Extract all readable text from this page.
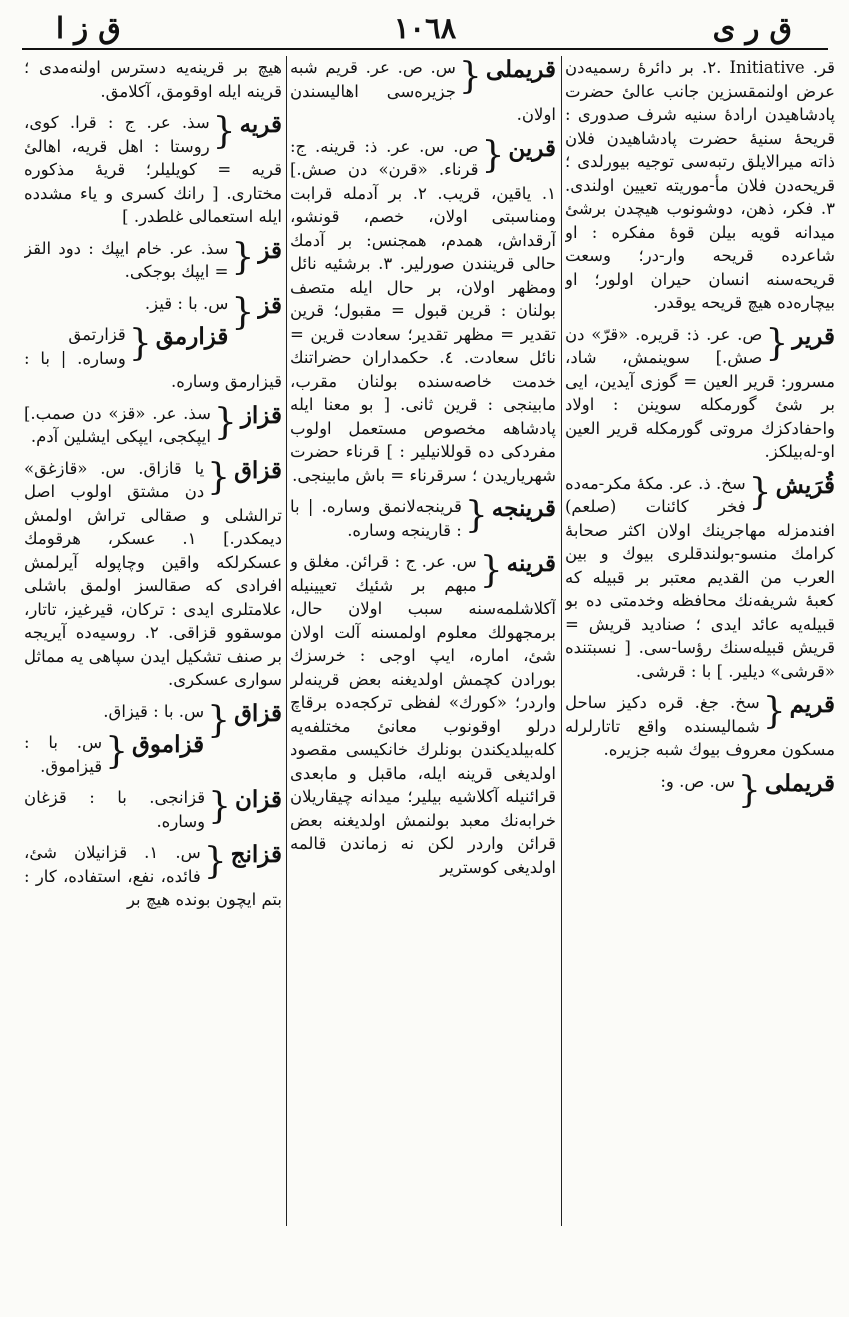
ق ر ی
١٠٦٨
ق ز ا

قر. Initiative .٢. بر دائرهٔ رسمیه‌دن عرض اولنمقسزین جانب عالیٔ حضرت پادشاهیدن ارادهٔ سنیه شرف صدوری : قریحهٔ سنیهٔ حضرت پادشاهیدن فلان ذاته میرالایلق رتبه‌سی توجیه بیورلدی ؛ قریحه‌دن فلان مأ-موریته تعیین اولندی. ٣. فکر، ذهن، دوشونوب هیچدن برشئ میدانه قویه بیلن قوهٔ مفکره : او شاعرده قریحه وار-در؛ وسعت قریحه‌سنه انسان حیران اولور؛ او بیچاره‌ده هیچ قریحه یوقدر.

قریر
{
ص. عر. ذ: قریره. «قرّ» دن صش.] سوینمش، شاد، مسرور: قریر العین = گوزی آیدین، ایی بر شئ گورمکله سوینن : اولاد واحفادکزك مروتی گورمکله قریر العین او-له‌بیلکز.

قُرَیش
{
سخ. ذ. عر. مکهٔ مکر-مه‌ده فخر کائنات (صلعم) افندمزله مهاجرینك اولان اکثر صحابهٔ کرامك منسو-بولندقلری بیوك و بین العرب من القدیم معتبر بر قبیله که کعبهٔ شریفه‌نك محافظه وخدمتی ده بو قبیله‌یه عائد ایدی ؛ صنادید قریش = قریش قبیله‌سنك رؤسا-سی. [ نسبتنده «قرشی» دیلیر. ] با : قرشی.

قریم
{
سخ. جغ. قره دکیز ساحل شمالیسنده واقع تاتارلرله مسکون معروف بیوك شبه جزیره.

قریملی
{
س. ص. و:

قریملی
{
س. ص. عر. قریم شبه جزیره‌سی اهالیسندن اولان.

قرین
{
ص. س. عر. ذ: قرینه. ج: قرناء. «قرن» دن صش.] ١. یاقین، قریب. ٢. بر آدمله قرابت ومناسبتی اولان، خصم، قونشو، آرقداش، همدم، همجنس: بر آدمك حالی قرینندن صورلیر. ٣. برشئیه نائل ومظهر اولان، بر حال ایله متصف بولنان : قرین قبول = مقبول؛ قرین تقدیر = مظهر تقدیر؛ سعادت قرین = نائل سعادت. ٤. حکمداران حضراتنك خدمت خاصه‌سنده بولنان مقرب، مابینجی : قرین ثانی. [ بو معنا ایله پادشاهه مخصوص مستعمل اولوب مفردکی ده قوللانیلیر : ] قرناء حضرت شهریاریدن ؛ سرقرناء = باش مابینجی.

قرینجه
{
قرینجه‌لانمق وساره. | با : قارینجه وساره.

قرینه
{
س. عر. ج : قرائن. مغلق و مبهم بر شئیك تعیینیله آکلاشلمه‌سنه سبب اولان حال، برمجهولك معلوم اولمسنه آلت اولان شئ، اماره، ایپ اوجی : خرسزك بورادن کچمش اولدیغنه بعض قرینه‌لر واردر؛ «کورك» لفظی ترکجه‌ده برقاچ درلو اوقونوب معانئ مختلفه‌یه کله‌بیلدیکندن بونلرك خانکیسی مقصود اولدیغی قرینه ایله، ماقبل و مابعدی قرائنیله آکلاشیه بیلیر؛ میدانه چیقاریلان خرابه‌نك معبد بولنمش اولدیغنه بعض قرائن واردر لکن نه زماندن قالمه اولدیغی کوستریر

هیچ بر قرینه‌یه دسترس اولنه‌مدی ؛ قرینه ایله اوقومق، آکلامق.

قریه
{
سذ. عر. ج : قرا. کوی، روستا : اهل قریه، اهالئ قریه = کویلیلر؛ قریهٔ مذکوره مختاری. [ رانك کسری و یاء مشدده ایله استعمالی غلطدر. ]

قز
{
سذ. عر. خام ایپك : دود القز = ایپك بوجکی.

قز
{
س. با : قیز.

قزارمق
{
قزارتمق وساره. | با : قیزارمق وساره.

قزاز
{
سذ. عر. «قز» دن صمب.] ایپکجی، ایپکی ایشلین آدم.

قزاق
{
یا قازاق. س. «قازغق» دن مشتق اولوب اصل ترالشلی و صقالی تراش اولمش دیمکدر.] ١. عسکر، هرقومك عسکرلکه واقین وچاپوله آیرلمش افرادی که صقالسز اولمق باشلی علامتلری ایدی : ترکان، قیرغیز، تاتار، موسقوو قزاقی. ٢. روسیه‌ده آیریجه بر صنف تشکیل ایدن سپاهی یه مماثل سواری عسکری.

قزاق
{
س. با : قیزاق.

قزاموق
{
س. با : قیزاموق.

قزان
{
قزانجی. با : قزغان وساره.

قزانج
{
س. ١. قزانیلان شئ، فائده، نفع، استفاده، کار : بتم ایچون بونده هیچ بر
